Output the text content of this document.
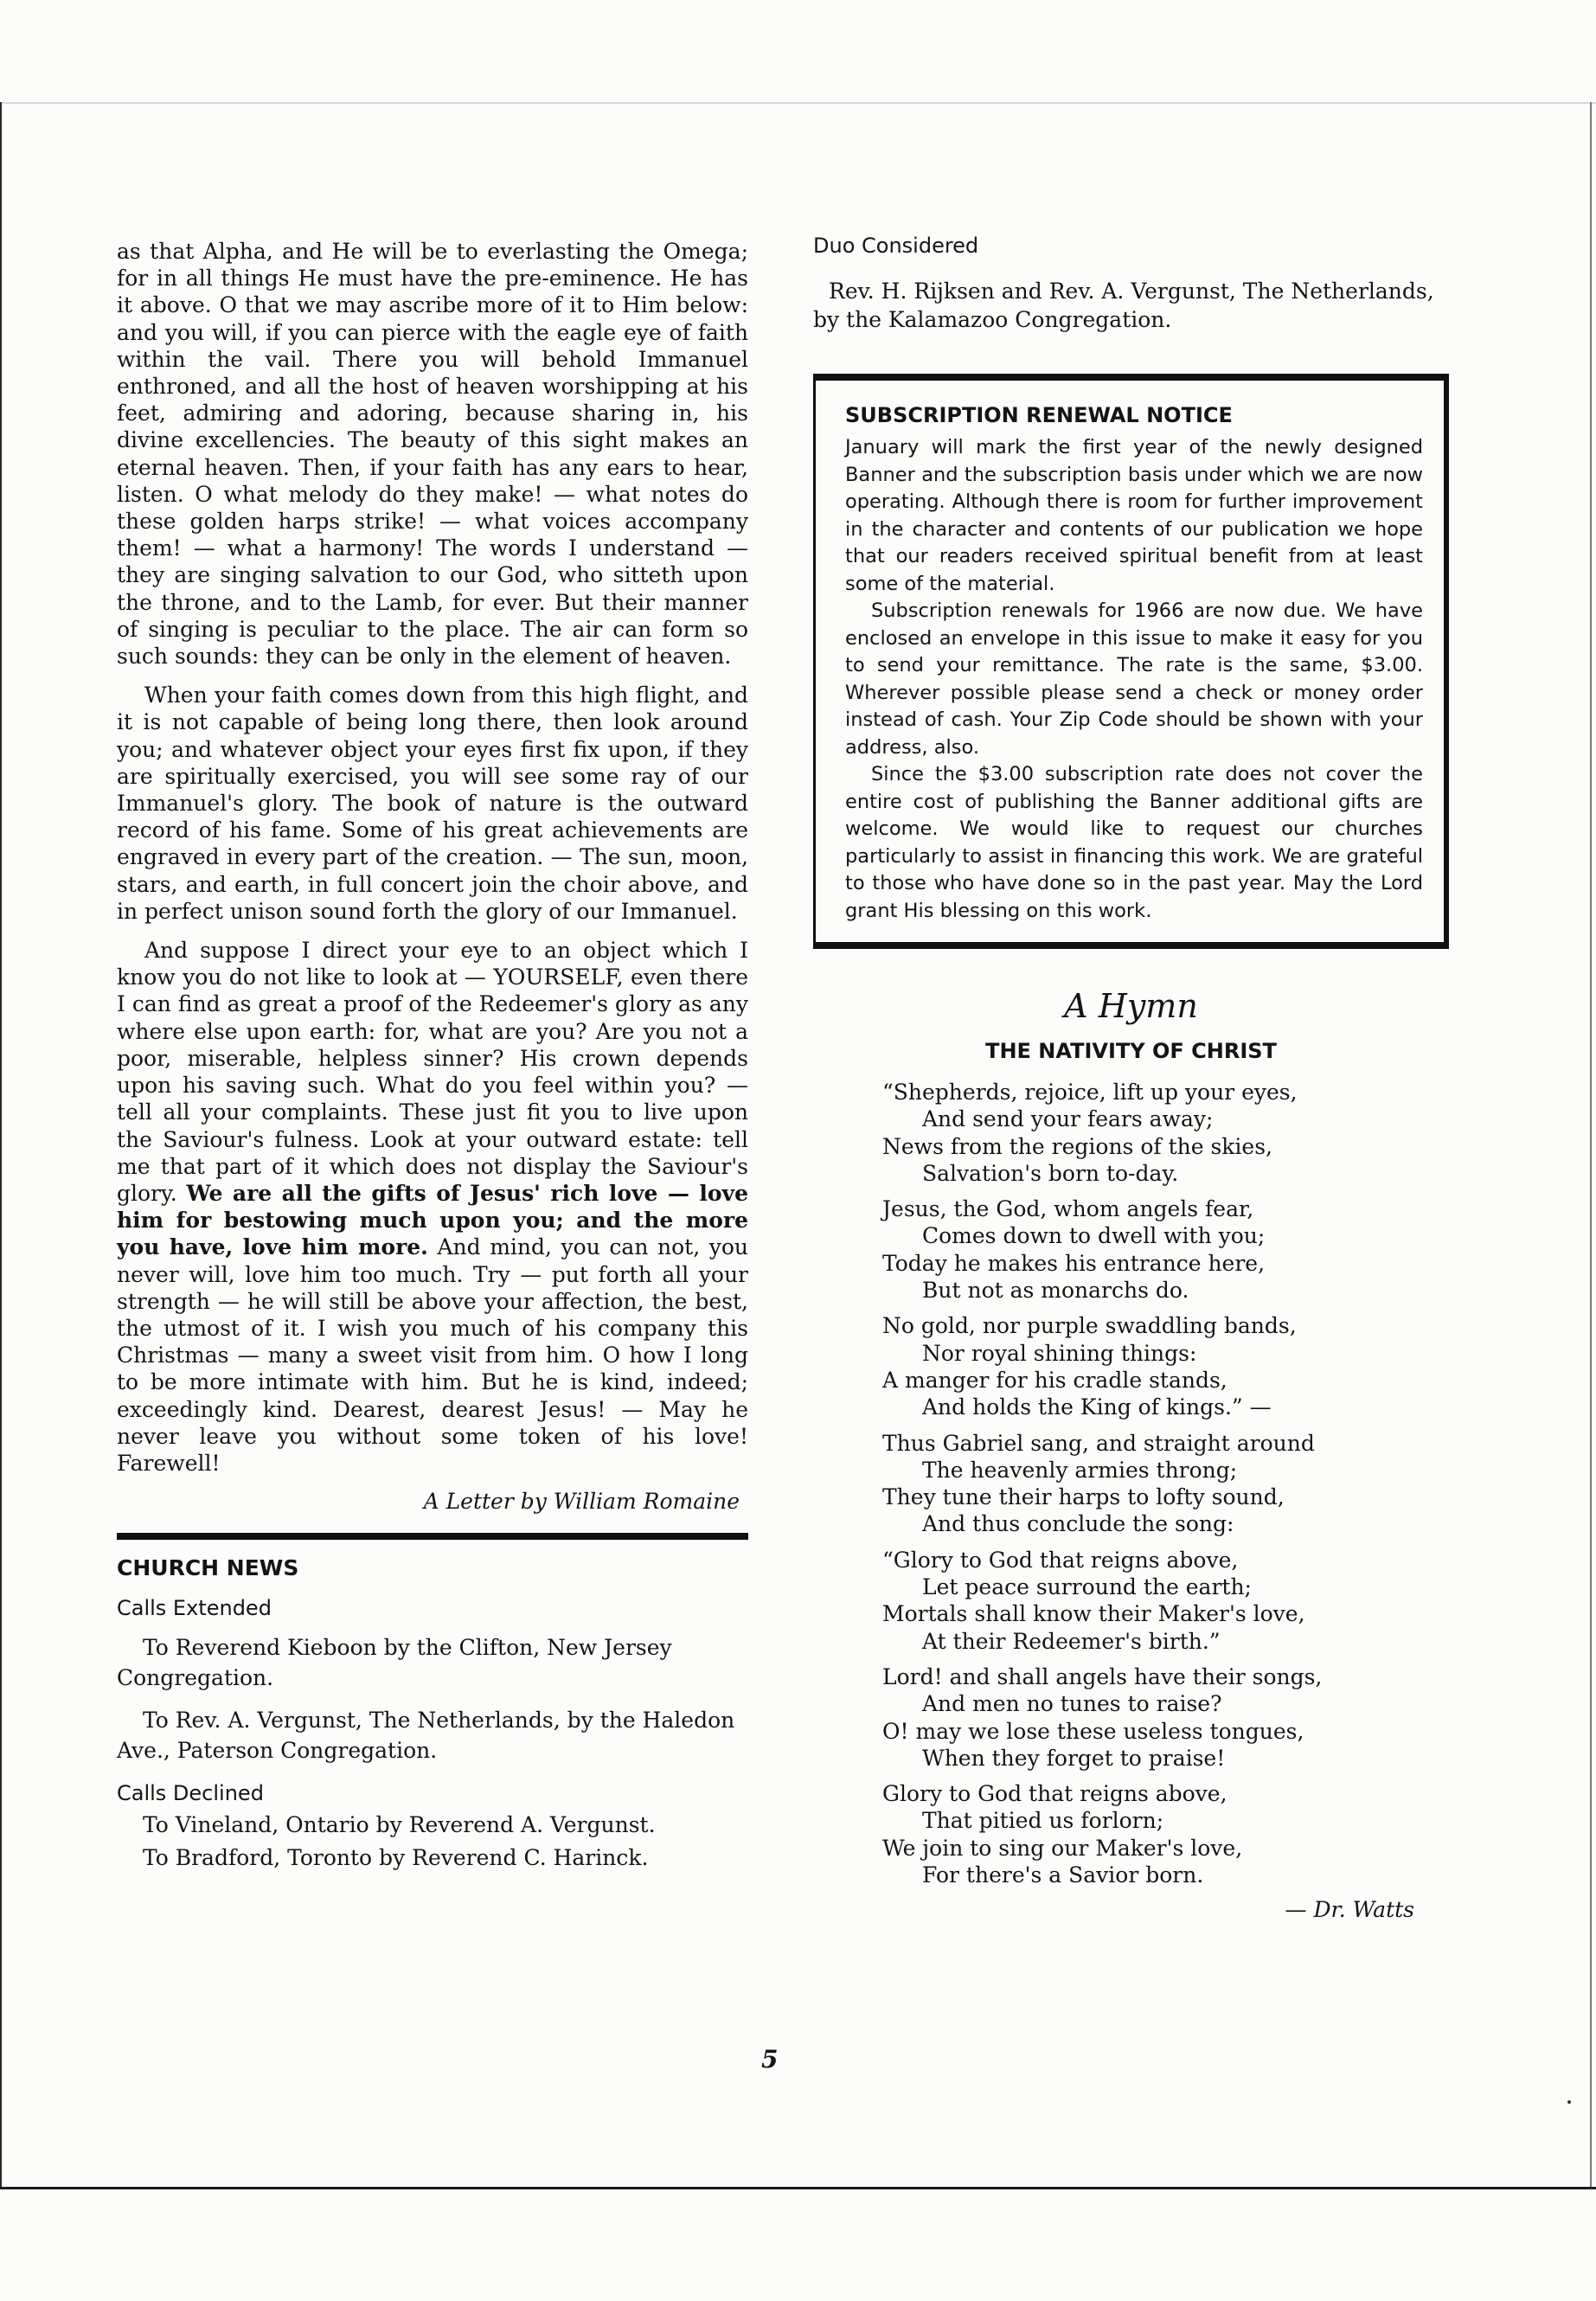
as that Alpha, and He will be to everlasting the Omega; for in all things He must have the pre-eminence. He has it above. O that we may ascribe more of it to Him below: and you will, if you can pierce with the eagle eye of faith within the vail. There you will behold Immanuel enthroned, and all the host of heaven worshipping at his feet, admiring and adoring, because sharing in, his divine excellencies. The beauty of this sight makes an eternal heaven. Then, if your faith has any ears to hear, listen. O what melody do they make! — what notes do these golden harps strike! — what voices accompany them! — what a harmony! The words I understand — they are singing salvation to our God, who sitteth upon the throne, and to the Lamb, for ever. But their manner of singing is peculiar to the place. The air can form so such sounds: they can be only in the element of heaven.

When your faith comes down from this high flight, and it is not capable of being long there, then look around you; and whatever object your eyes first fix upon, if they are spiritually exercised, you will see some ray of our Immanuel's glory. The book of nature is the outward record of his fame. Some of his great achievements are engraved in every part of the creation. — The sun, moon, stars, and earth, in full concert join the choir above, and in perfect unison sound forth the glory of our Immanuel.

And suppose I direct your eye to an object which I know you do not like to look at — YOURSELF, even there I can find as great a proof of the Redeemer's glory as any where else upon earth: for, what are you? Are you not a poor, miserable, helpless sinner? His crown depends upon his saving such. What do you feel within you? — tell all your complaints. These just fit you to live upon the Saviour's fulness. Look at your outward estate: tell me that part of it which does not display the Saviour's glory. We are all the gifts of Jesus' rich love — love him for bestowing much upon you; and the more you have, love him more. And mind, you can not, you never will, love him too much. Try — put forth all your strength — he will still be above your affection, the best, the utmost of it. I wish you much of his company this Christmas — many a sweet visit from him. O how I long to be more intimate with him. But he is kind, indeed; exceedingly kind. Dearest, dearest Jesus! — May he never leave you without some token of his love! Farewell!

A Letter by William Romaine

CHURCH NEWS
Calls Extended

To Reverend Kieboon by the Clifton, New Jersey Congregation.

To Rev. A. Vergunst, The Netherlands, by the Haledon Ave., Paterson Congregation.

Calls Declined

To Vineland, Ontario by Reverend A. Vergunst.

To Bradford, Toronto by Reverend C. Harinck.

Duo Considered

Rev. H. Rijksen and Rev. A. Vergunst, The Netherlands, by the Kalamazoo Congregation.

SUBSCRIPTION RENEWAL NOTICE

January will mark the first year of the newly designed Banner and the subscription basis under which we are now operating. Although there is room for further improvement in the character and contents of our publication we hope that our readers received spiritual benefit from at least some of the material.

Subscription renewals for 1966 are now due. We have enclosed an envelope in this issue to make it easy for you to send your remittance. The rate is the same, $3.00. Wherever possible please send a check or money order instead of cash. Your Zip Code should be shown with your address, also.

Since the $3.00 subscription rate does not cover the entire cost of publishing the Banner additional gifts are welcome. We would like to request our churches particularly to assist in financing this work. We are grateful to those who have done so in the past year. May the Lord grant His blessing on this work.

A Hymn
THE NATIVITY OF CHRIST

“Shepherds, rejoice, lift up your eyes,

And send your fears away;

News from the regions of the skies,

Salvation's born to-day.

Jesus, the God, whom angels fear,

Comes down to dwell with you;

Today he makes his entrance here,

But not as monarchs do.

No gold, nor purple swaddling bands,

Nor royal shining things:

A manger for his cradle stands,

And holds the King of kings.” —

Thus Gabriel sang, and straight around

The heavenly armies throng;

They tune their harps to lofty sound,

And thus conclude the song:

“Glory to God that reigns above,

Let peace surround the earth;

Mortals shall know their Maker's love,

At their Redeemer's birth.”

Lord! and shall angels have their songs,

And men no tunes to raise?

O! may we lose these useless tongues,

When they forget to praise!

Glory to God that reigns above,

That pitied us forlorn;

We join to sing our Maker's love,

For there's a Savior born.

— Dr. Watts

5
